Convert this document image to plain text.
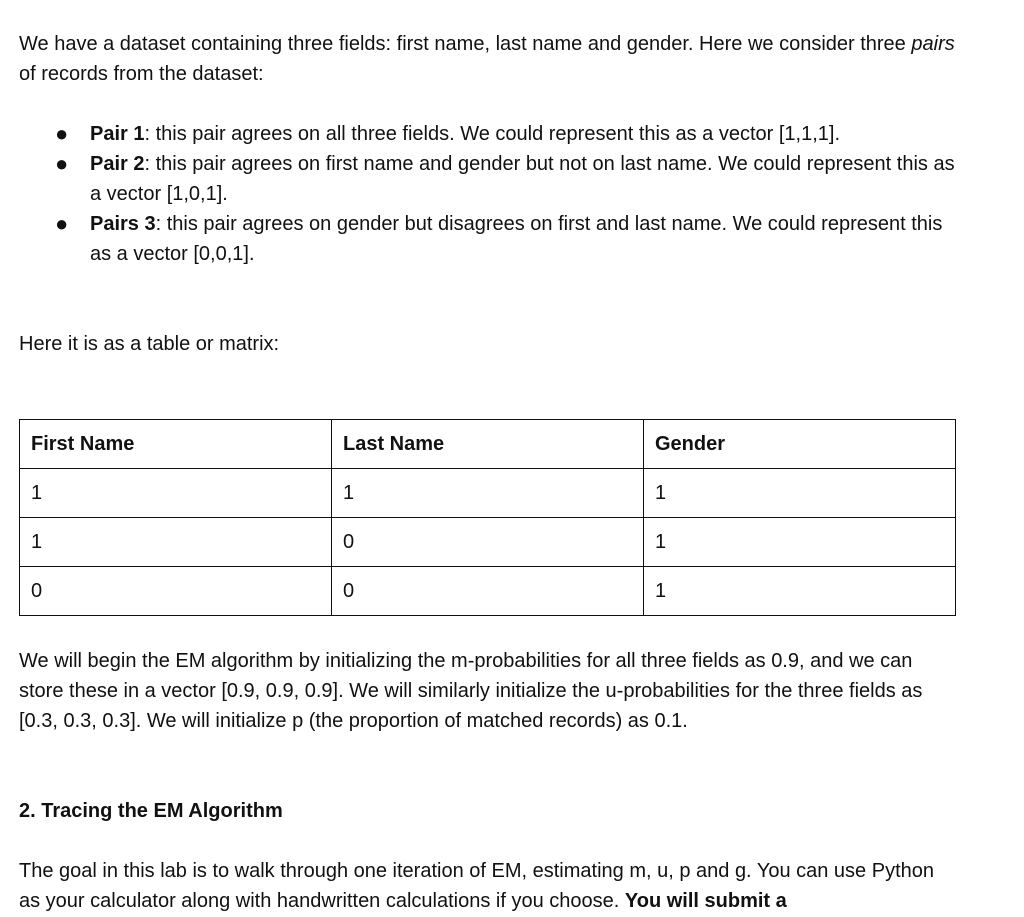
We have a dataset containing three fields: first name, last name and gender. Here we consider three pairs of records from the dataset:

● Pair 1: this pair agrees on all three fields. We could represent this as a vector [1,1,1].
● Pair 2: this pair agrees on first name and gender but not on last name. We could represent this as a vector [1,0,1].
● Pairs 3: this pair agrees on gender but disagrees on first and last name. We could represent this as a vector [0,0,1].

Here it is as a table or matrix:

First Name	Last Name	Gender
1	1	1
1	0	1
0	0	1

We will begin the EM algorithm by initializing the m-probabilities for all three fields as 0.9, and we can store these in a vector [0.9, 0.9, 0.9]. We will similarly initialize the u-probabilities for the three fields as [0.3, 0.3, 0.3]. We will initialize p (the proportion of matched records) as 0.1.

2. Tracing the EM Algorithm

The goal in this lab is to walk through one iteration of EM, estimating m, u, p and g. You can use Python as your calculator along with handwritten calculations if you choose. You will submit a
